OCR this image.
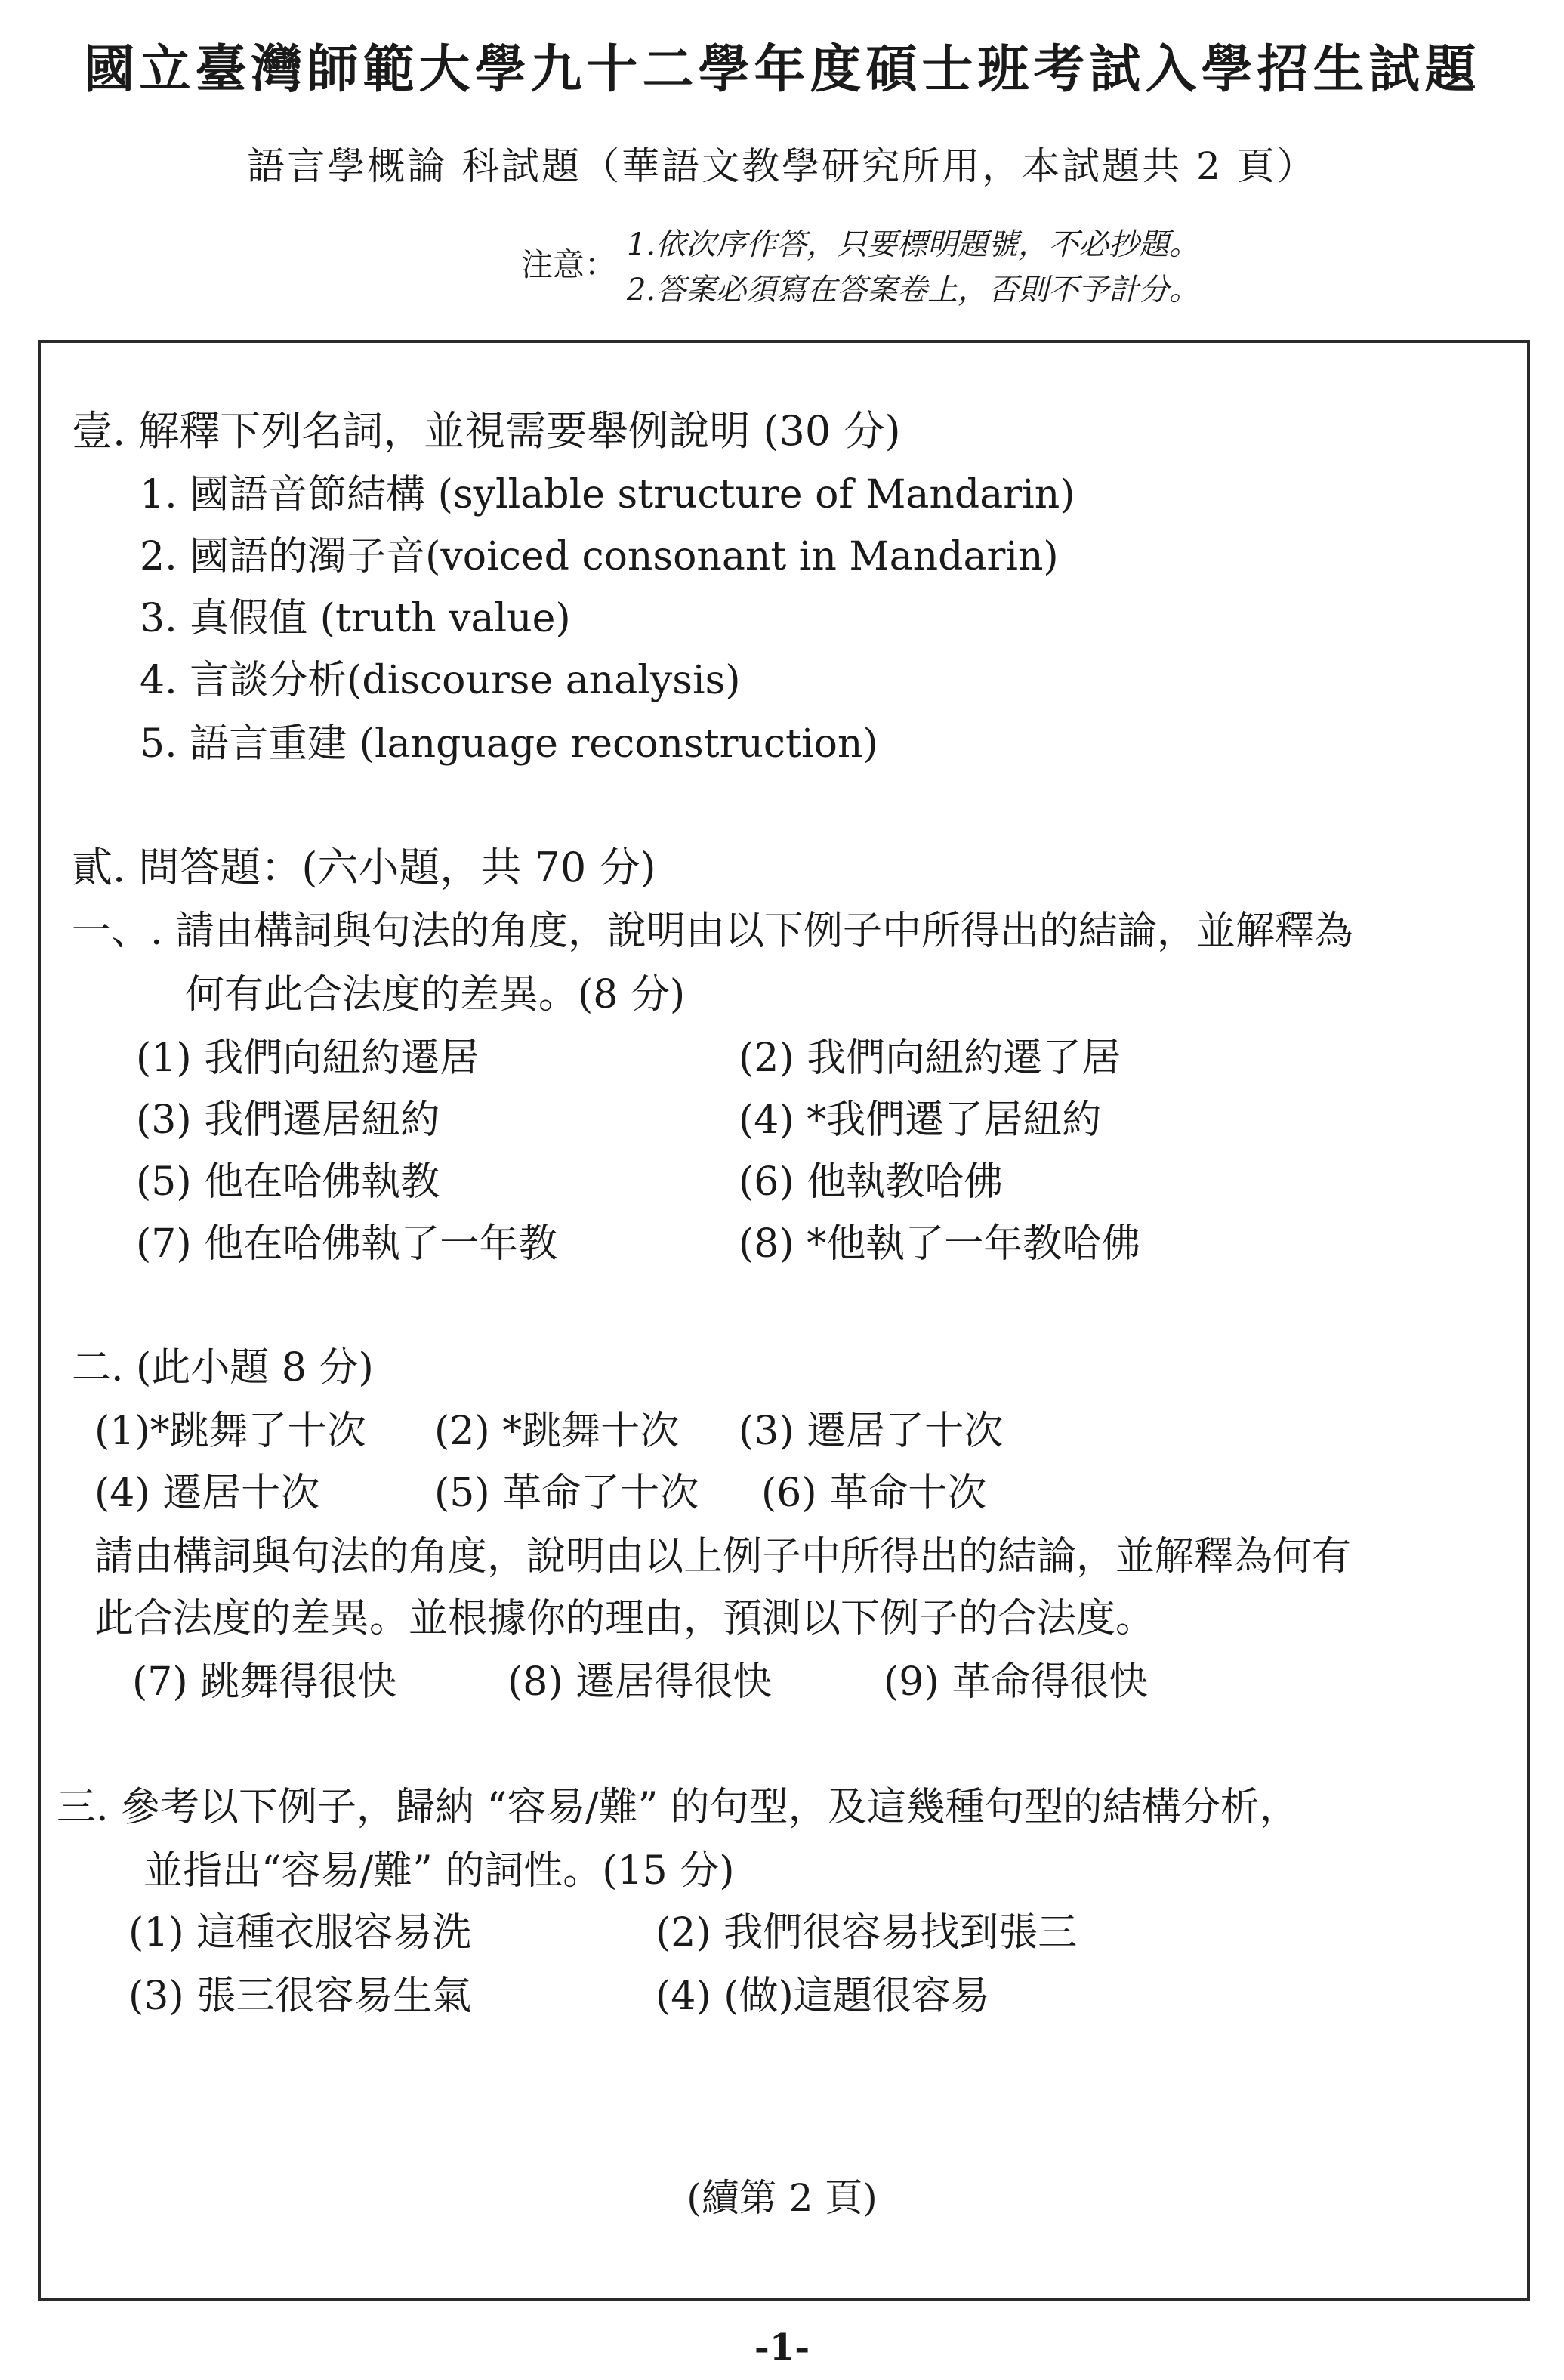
國立臺灣師範大學九十二學年度碩士班考試入學招生試題
語言學概論 科試題（華語文教學研究所用，本試題共 2 頁）
注意：
1.依次序作答，只要標明題號，不必抄題。
2.答案必須寫在答案卷上，否則不予計分。
壹. 解釋下列名詞，並視需要舉例說明 (30 分)
1. 國語音節結構 (syllable structure of Mandarin)
2. 國語的濁子音(voiced consonant in Mandarin)
3. 真假值 (truth value)
4. 言談分析(discourse analysis)
5. 語言重建 (language reconstruction)
貳. 問答題：(六小題，共 70 分)
一、. 請由構詞與句法的角度，說明由以下例子中所得出的結論，並解釋為
何有此合法度的差異。(8 分)
(1) 我們向紐約遷居	(2) 我們向紐約遷了居
(3) 我們遷居紐約	(4) *我們遷了居紐約
(5) 他在哈佛執教	(6) 他執教哈佛
(7) 他在哈佛執了一年教	(8) *他執了一年教哈佛
二. (此小題 8 分)
(1)*跳舞了十次 (2) *跳舞十次 (3) 遷居了十次
(4) 遷居十次	(5) 革命了十次 (6) 革命十次
請由構詞與句法的角度，說明由以上例子中所得出的結論，並解釋為何有
此合法度的差異。並根據你的理由，預測以下例子的合法度。
(7) 跳舞得很快	(8) 遷居得很快	(9) 革命得很快
三. 參考以下例子，歸納 “容易/難” 的句型，及這幾種句型的結構分析，
並指出“容易/難” 的詞性。(15 分)
(1) 這種衣服容易洗	(2) 我們很容易找到張三
(3) 張三很容易生氣	(4) (做)這題很容易
(續第 2 頁)
-1-
